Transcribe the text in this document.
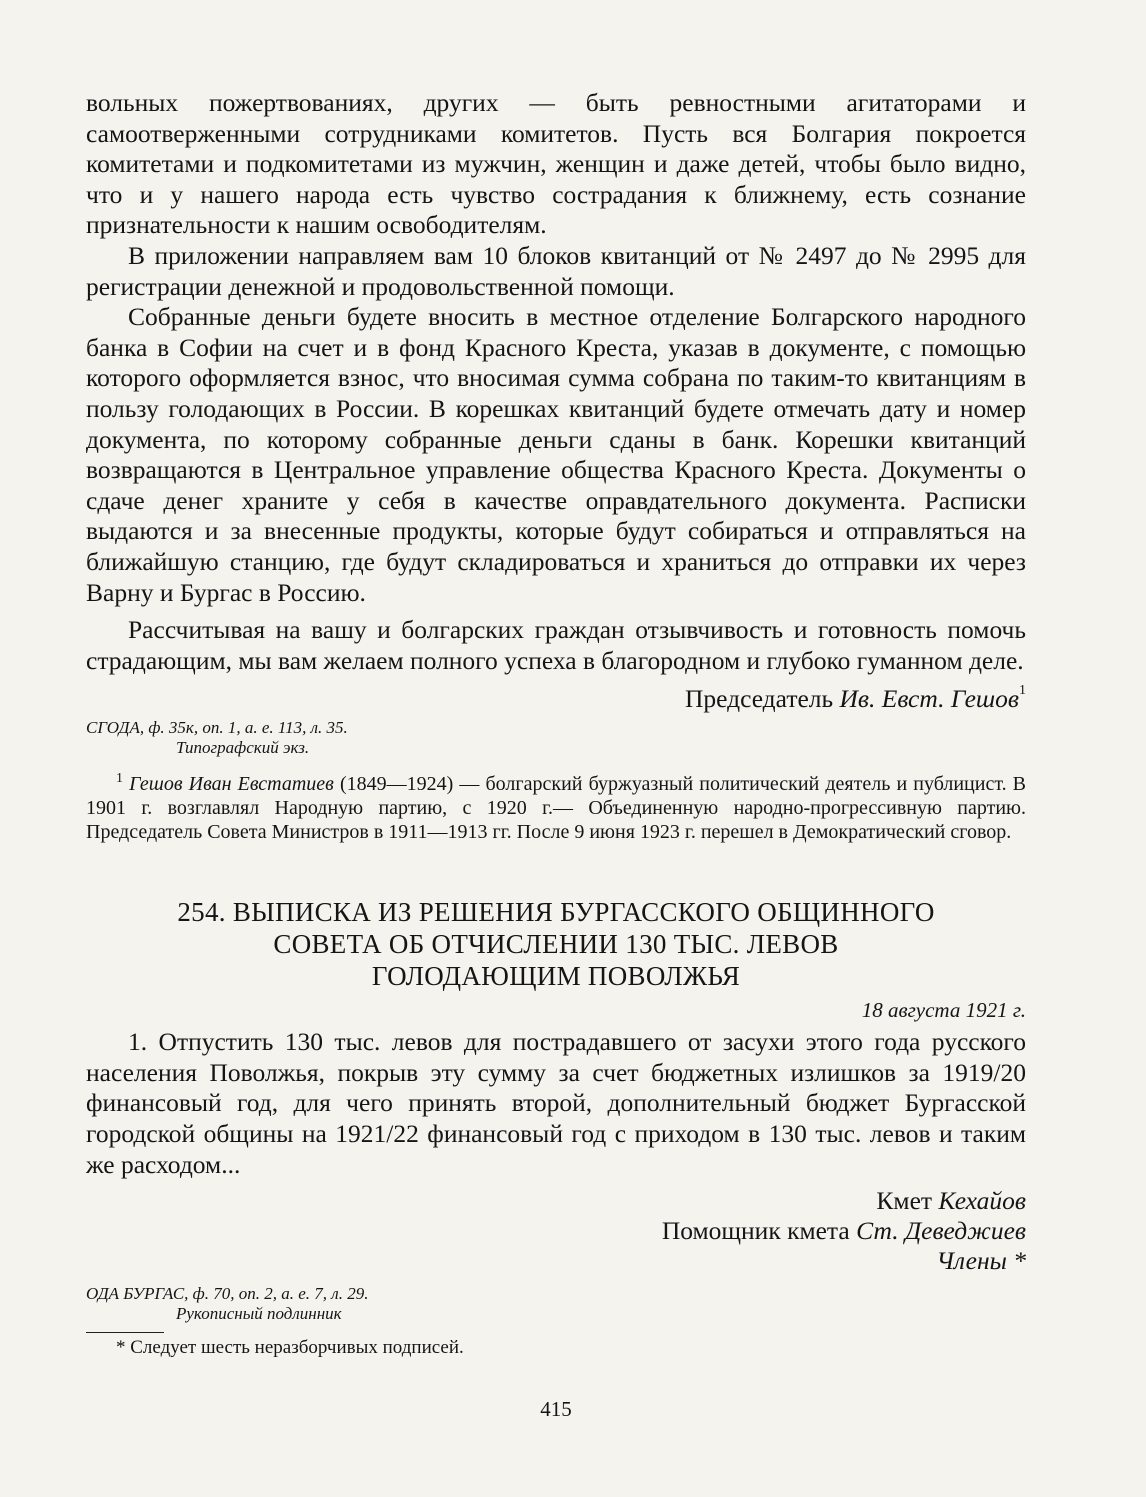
вольных пожертвованиях, других — быть ревностными агитаторами и самоотверженными сотрудниками комитетов. Пусть вся Болгария покроется комитетами и подкомитетами из мужчин, женщин и даже детей, чтобы было видно, что и у нашего народа есть чувство сострадания к ближнему, есть сознание признательности к нашим освободителям.

В приложении направляем вам 10 блоков квитанций от № 2497 до № 2995 для регистрации денежной и продовольственной помощи.

Собранные деньги будете вносить в местное отделение Болгарского народного банка в Софии на счет и в фонд Красного Креста, указав в документе, с помощью которого оформляется взнос, что вносимая сумма собрана по таким-то квитанциям в пользу голодающих в России. В корешках квитанций будете отмечать дату и номер документа, по которому собранные деньги сданы в банк. Корешки квитанций возвращаются в Центральное управление общества Красного Креста. Документы о сдаче денег храните у себя в качестве оправдательного документа. Расписки выдаются и за внесенные продукты, которые будут собираться и отправляться на ближайшую станцию, где будут складироваться и храниться до отправки их через Варну и Бургас в Россию.

Рассчитывая на вашу и болгарских граждан отзывчивость и готовность помочь страдающим, мы вам желаем полного успеха в благородном и глубоко гуманном деле.

Председатель Ив. Евст. Гешов$^1$

СГОДА, ф. 35к, оп. 1, а. е. 113, л. 35.

Типографский экз.

$^1$ Гешов Иван Евстатиев (1849—1924) — болгарский буржуазный политический деятель и публицист. В 1901 г. возглавлял Народную партию, с 1920 г.— Объединенную народно-прогрессивную партию. Председатель Совета Министров в 1911—1913 гг. После 9 июня 1923 г. перешел в Демократический сговор.

254. ВЫПИСКА ИЗ РЕШЕНИЯ БУРГАССКОГО ОБЩИННОГО
СОВЕТА ОБ ОТЧИСЛЕНИИ 130 ТЫС. ЛЕВОВ
ГОЛОДАЮЩИМ ПОВОЛЖЬЯ

18 августа 1921 г.

1. Отпустить 130 тыс. левов для пострадавшего от засухи этого года русского населения Поволжья, покрыв эту сумму за счет бюджетных излишков за 1919/20 финансовый год, для чего принять второй, дополнительный бюджет Бургасской городской общины на 1921/22 финансовый год с приходом в 130 тыс. левов и таким же расходом...

Кмет Кехайов

Помощник кмета Ст. Деведжиев

Члены *

ОДА БУРГАС, ф. 70, оп. 2, а. е. 7, л. 29.

Рукописный подлинник

* Следует шесть неразборчивых подписей.

415
